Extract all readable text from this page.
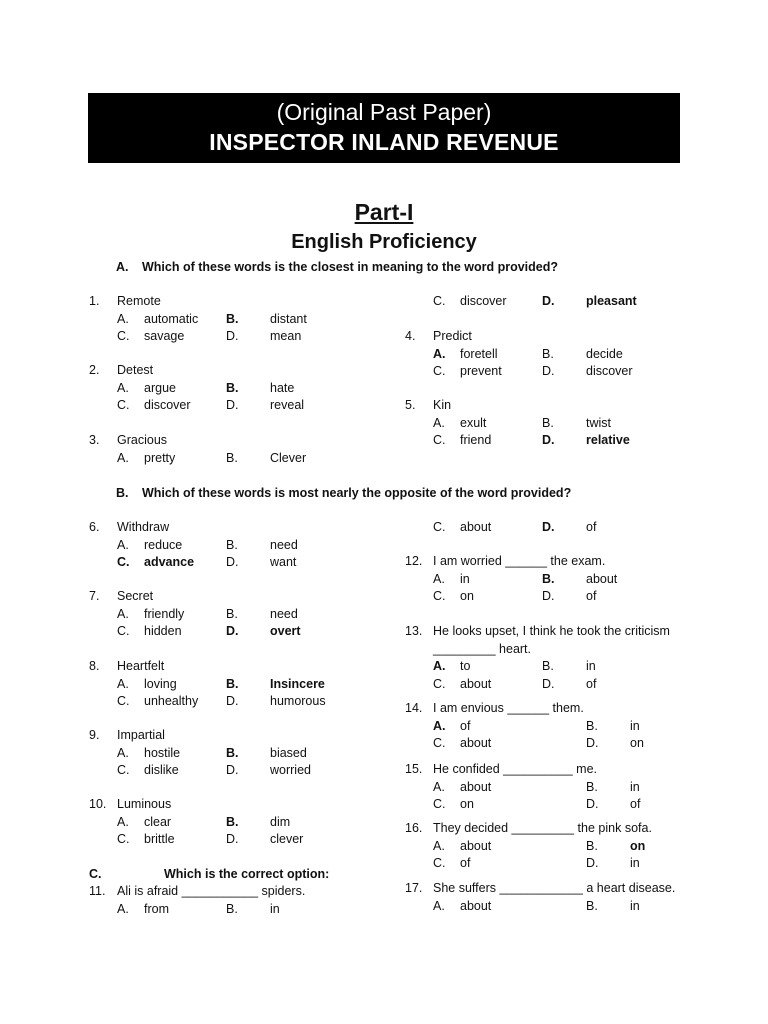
(Original Past Paper)
INSPECTOR INLAND REVENUE
Part-I
English Proficiency
A. Which of these words is the closest in meaning to the word provided?
B. Which of these words is most nearly the opposite of the word provided?
C.	Which is the correct option:
1.	Remote
A. automatic B.	distant
C. savage	D.	mean
2.	Detest
A. argue	B.	hate
C. discover	D.	reveal
3.	Gracious
A. pretty	B.	Clever
C. discover	D.	pleasant
4.	Predict
A. foretell	B.	decide
C. prevent	D.	discover
5.	Kin
A. exult	B.	twist
C. friend	D.	relative
6.	Withdraw
A. reduce	B.	need
C. advance	D.	want
7.	Secret
A. friendly	B.	need
C. hidden	D.	overt
8.	Heartfelt
A. loving	B.	Insincere
C. unhealthy D.	humorous
9.	Impartial
A. hostile	B.	biased
C. dislike	D.	worried
10. Luminous
A. clear	B.	dim
C. brittle	D.	clever
11. Ali is afraid ___________ spiders.
A. from	B.	in
C. about	D.	of
12. I am worried ______ the exam.
A. in	B.	about
C. on	D.	of
13. He looks upset, I think he took the criticism
_________ heart.
A. to	B.	in
C. about	D.	of
14. I am envious ______ them.
A. of	B.	in
C. about	D.	on
15. He confided __________ me.
A. about	B.	in
C. on	D.	of
16. They decided _________ the pink sofa.
A. about	B.	on
C. of	D.	in
17. She suffers ____________ a heart disease.
A. about	B.	in
